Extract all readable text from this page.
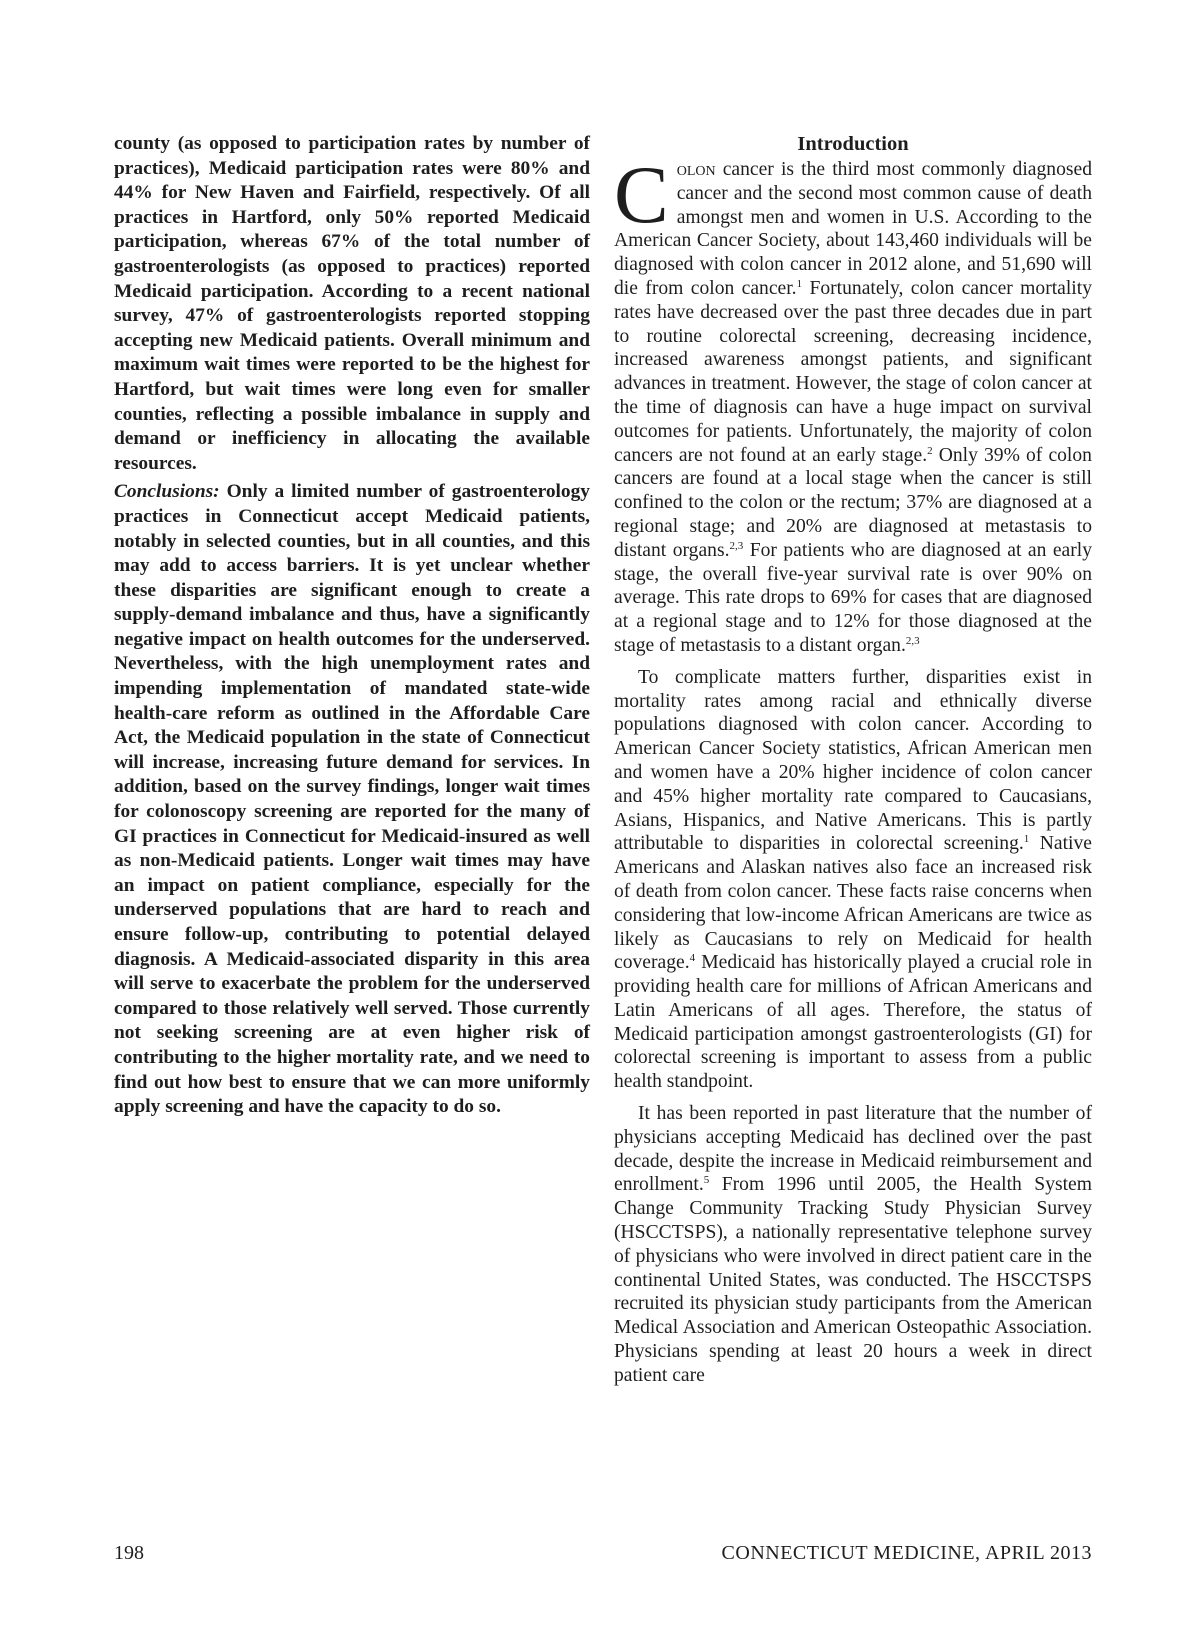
county (as opposed to participation rates by number of practices), Medicaid participation rates were 80% and 44% for New Haven and Fairfield, respectively. Of all practices in Hartford, only 50% reported Medicaid participation, whereas 67% of the total number of gastroenterologists (as opposed to practices) reported Medicaid participation. According to a recent national survey, 47% of gastroenterologists reported stopping accepting new Medicaid patients. Overall minimum and maximum wait times were reported to be the highest for Hartford, but wait times were long even for smaller counties, reflecting a possible imbalance in supply and demand or inefficiency in allocating the available resources.

Conclusions: Only a limited number of gastroenterology practices in Connecticut accept Medicaid patients, notably in selected counties, but in all counties, and this may add to access barriers. It is yet unclear whether these disparities are significant enough to create a supply-demand imbalance and thus, have a significantly negative impact on health outcomes for the underserved. Nevertheless, with the high unemployment rates and impending implementation of mandated state-wide health-care reform as outlined in the Affordable Care Act, the Medicaid population in the state of Connecticut will increase, increasing future demand for services. In addition, based on the survey findings, longer wait times for colonoscopy screening are reported for the many of GI practices in Connecticut for Medicaid-insured as well as non-Medicaid patients. Longer wait times may have an impact on patient compliance, especially for the underserved populations that are hard to reach and ensure follow-up, contributing to potential delayed diagnosis. A Medicaid-associated disparity in this area will serve to exacerbate the problem for the underserved compared to those relatively well served. Those currently not seeking screening are at even higher risk of contributing to the higher mortality rate, and we need to find out how best to ensure that we can more uniformly apply screening and have the capacity to do so.

Introduction

Colon cancer is the third most commonly diagnosed cancer and the second most common cause of death amongst men and women in U.S. According to the American Cancer Society, about 143,460 individuals will be diagnosed with colon cancer in 2012 alone, and 51,690 will die from colon cancer.$^1$ Fortunately, colon cancer mortality rates have decreased over the past three decades due in part to routine colorectal screening, decreasing incidence, increased awareness amongst patients, and significant advances in treatment. However, the stage of colon cancer at the time of diagnosis can have a huge impact on survival outcomes for patients. Unfortunately, the majority of colon cancers are not found at an early stage.$^2$ Only 39% of colon cancers are found at a local stage when the cancer is still confined to the colon or the rectum; 37% are diagnosed at a regional stage; and 20% are diagnosed at metastasis to distant organs.$^{2,3}$ For patients who are diagnosed at an early stage, the overall five-year survival rate is over 90% on average. This rate drops to 69% for cases that are diagnosed at a regional stage and to 12% for those diagnosed at the stage of metastasis to a distant organ.$^{2,3}$

To complicate matters further, disparities exist in mortality rates among racial and ethnically diverse populations diagnosed with colon cancer. According to American Cancer Society statistics, African American men and women have a 20% higher incidence of colon cancer and 45% higher mortality rate compared to Caucasians, Asians, Hispanics, and Native Americans. This is partly attributable to disparities in colorectal screening.$^1$ Native Americans and Alaskan natives also face an increased risk of death from colon cancer. These facts raise concerns when considering that low-income African Americans are twice as likely as Caucasians to rely on Medicaid for health coverage.$^4$ Medicaid has historically played a crucial role in providing health care for millions of African Americans and Latin Americans of all ages. Therefore, the status of Medicaid participation amongst gastroenterologists (GI) for colorectal screening is important to assess from a public health standpoint.

It has been reported in past literature that the number of physicians accepting Medicaid has declined over the past decade, despite the increase in Medicaid reimbursement and enrollment.$^5$ From 1996 until 2005, the Health System Change Community Tracking Study Physician Survey (HSCCTSPS), a nationally representative telephone survey of physicians who were involved in direct patient care in the continental United States, was conducted. The HSCCTSPS recruited its physician study participants from the American Medical Association and American Osteopathic Association. Physicians spending at least 20 hours a week in direct patient care

198	CONNECTICUT MEDICINE, APRIL 2013
